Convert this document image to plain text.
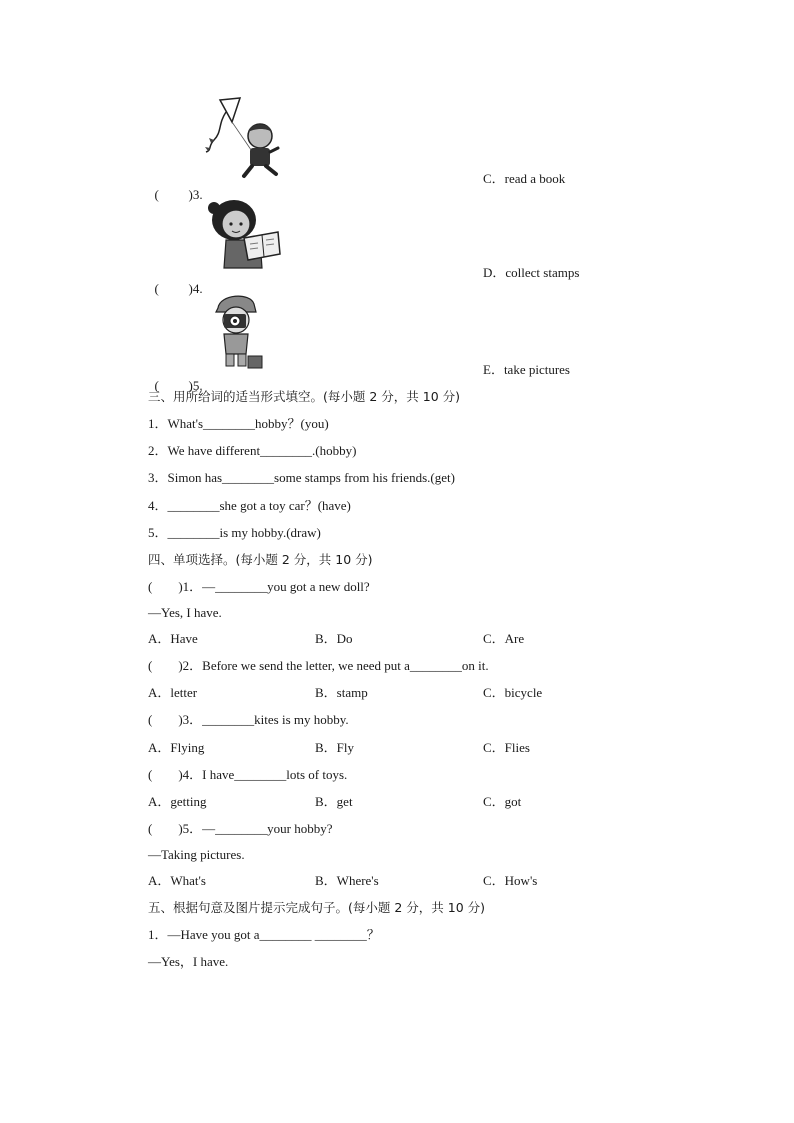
( )3.

C．read a book

( )4.

D．collect stamps

( )5.

E．take pictures
三、用所给词的适当形式填空。(每小题 2 分，共 10 分)
1．What's________hobby？(you)
2．We have different________.(hobby)
3．Simon has________some stamps from his friends.(get)
4．________she got a toy car？(have)
5．________is my hobby.(draw)
四、单项选择。(每小题 2 分，共 10 分)
(　　)1．—________you got a new doll?
—Yes, I have.
A．Have	B．Do	C．Are
(　　)2．Before we send the letter, we need put a________on it.
A．letter	B．stamp	C．bicycle
(　　)3．________kites is my hobby.
A．Flying	B．Fly	C．Flies
(　　)4．I have________lots of toys.
A．getting	B．get	C．got
(　　)5．—________your hobby?
—Taking pictures.
A．What's	B．Where's	C．How's
五、根据句意及图片提示完成句子。(每小题 2 分，共 10 分)
1．—Have you got a________ ________？
—Yes，I have.
